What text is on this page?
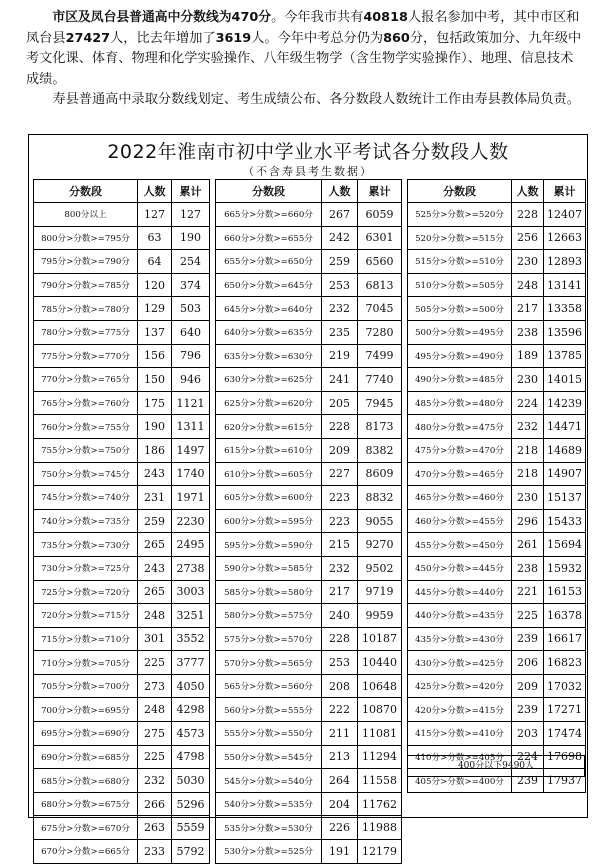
市区及凤台县普通高中分数线为470分。今年我市共有40818人报名参加中考，其中市区和凤台县27427人，比去年增加了3619人。今年中考总分仍为860分，包括政策加分、九年级中考文化课、体育、物理和化学实验操作、八年级生物学（含生物学实验操作）、地理、信息技术成绩。

寿县普通高中录取分数线划定、考生成绩公布、各分数段人数统计工作由寿县教体局负责。

2022年淮南市初中学业水平考试各分数段人数
（不含寿县考生数据）
分数段	人数	累计
800分以上	127	127
800分>分数>=795分	63	190
795分>分数>=790分	64	254
790分>分数>=785分	120	374
785分>分数>=780分	129	503
780分>分数>=775分	137	640
775分>分数>=770分	156	796
770分>分数>=765分	150	946
765分>分数>=760分	175	1121
760分>分数>=755分	190	1311
755分>分数>=750分	186	1497
750分>分数>=745分	243	1740
745分>分数>=740分	231	1971
740分>分数>=735分	259	2230
735分>分数>=730分	265	2495
730分>分数>=725分	243	2738
725分>分数>=720分	265	3003
720分>分数>=715分	248	3251
715分>分数>=710分	301	3552
710分>分数>=705分	225	3777
705分>分数>=700分	273	4050
700分>分数>=695分	248	4298
695分>分数>=690分	275	4573
690分>分数>=685分	225	4798
685分>分数>=680分	232	5030
680分>分数>=675分	266	5296
675分>分数>=670分	263	5559
670分>分数>=665分	233	5792
分数段	人数	累计
665分>分数>=660分	267	6059
660分>分数>=655分	242	6301
655分>分数>=650分	259	6560
650分>分数>=645分	253	6813
645分>分数>=640分	232	7045
640分>分数>=635分	235	7280
635分>分数>=630分	219	7499
630分>分数>=625分	241	7740
625分>分数>=620分	205	7945
620分>分数>=615分	228	8173
615分>分数>=610分	209	8382
610分>分数>=605分	227	8609
605分>分数>=600分	223	8832
600分>分数>=595分	223	9055
595分>分数>=590分	215	9270
590分>分数>=585分	232	9502
585分>分数>=580分	217	9719
580分>分数>=575分	240	9959
575分>分数>=570分	228	10187
570分>分数>=565分	253	10440
565分>分数>=560分	208	10648
560分>分数>=555分	222	10870
555分>分数>=550分	211	11081
550分>分数>=545分	213	11294
545分>分数>=540分	264	11558
540分>分数>=535分	204	11762
535分>分数>=530分	226	11988
530分>分数>=525分	191	12179
分数段	人数	累计
525分>分数>=520分	228	12407
520分>分数>=515分	256	12663
515分>分数>=510分	230	12893
510分>分数>=505分	248	13141
505分>分数>=500分	217	13358
500分>分数>=495分	238	13596
495分>分数>=490分	189	13785
490分>分数>=485分	230	14015
485分>分数>=480分	224	14239
480分>分数>=475分	232	14471
475分>分数>=470分	218	14689
470分>分数>=465分	218	14907
465分>分数>=460分	230	15137
460分>分数>=455分	296	15433
455分>分数>=450分	261	15694
450分>分数>=445分	238	15932
445分>分数>=440分	221	16153
440分>分数>=435分	225	16378
435分>分数>=430分	239	16617
430分>分数>=425分	206	16823
425分>分数>=420分	209	17032
420分>分数>=415分	239	17271
415分>分数>=410分	203	17474
410分>分数>=405分	224	17698
405分>分数>=400分	239	17937
400分以下9490人
